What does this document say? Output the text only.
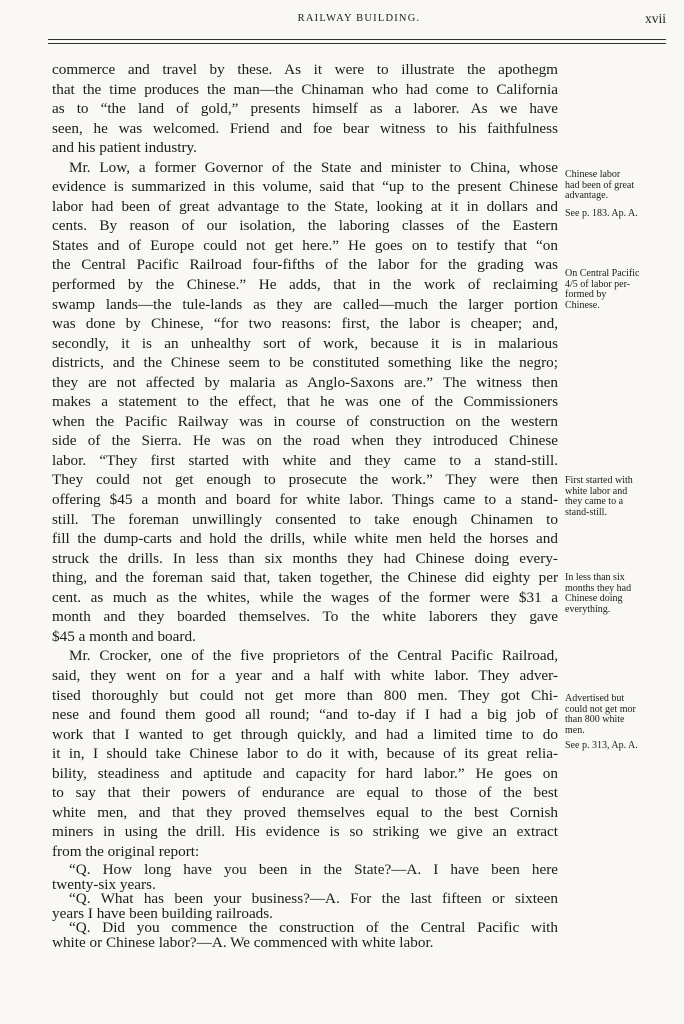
RAILWAY BUILDING.	xvii
commerce and travel by these. As it were to illustrate the apothegm
that the time produces the man—the Chinaman who had come to California
as to “the land of gold,” presents himself as a laborer. As we have
seen, he was welcomed. Friend and foe bear witness to his faithfulness
and his patient industry.
Mr. Low, a former Governor of the State and minister to China, whose
evidence is summarized in this volume, said that “up to the present Chinese
labor had been of great advantage to the State, looking at it in dollars and
cents. By reason of our isolation, the laboring classes of the Eastern
States and of Europe could not get here.” He goes on to testify that “on
the Central Pacific Railroad four-fifths of the labor for the grading was
performed by the Chinese.” He adds, that in the work of reclaiming
swamp lands—the tule-lands as they are called—much the larger portion
was done by Chinese, “for two reasons: first, the labor is cheaper; and,
secondly, it is an unhealthy sort of work, because it is in malarious
districts, and the Chinese seem to be constituted something like the negro;
they are not affected by malaria as Anglo-Saxons are.” The witness then
makes a statement to the effect, that he was one of the Commissioners
when the Pacific Railway was in course of construction on the western
side of the Sierra. He was on the road when they introduced Chinese
labor. “They first started with white and they came to a stand-still.
They could not get enough to prosecute the work.” They were then
offering $45 a month and board for white labor. Things came to a stand-
still. The foreman unwillingly consented to take enough Chinamen to
fill the dump-carts and hold the drills, while white men held the horses and
struck the drills. In less than six months they had Chinese doing every-
thing, and the foreman said that, taken together, the Chinese did eighty per
cent. as much as the whites, while the wages of the former were $31 a
month and they boarded themselves. To the white laborers they gave
$45 a month and board.
Mr. Crocker, one of the five proprietors of the Central Pacific Railroad,
said, they went on for a year and a half with white labor. They adver-
tised thoroughly but could not get more than 800 men. They got Chi-
nese and found them good all round; “and to-day if I had a big job of
work that I wanted to get through quickly, and had a limited time to do
it in, I should take Chinese labor to do it with, because of its great relia-
bility, steadiness and aptitude and capacity for hard labor.” He goes on
to say that their powers of endurance are equal to those of the best
white men, and that they proved themselves equal to the best Cornish
miners in using the drill. His evidence is so striking we give an extract
from the original report:
“Q. How long have you been in the State?—A. I have been here
twenty-six years.
“Q. What has been your business?—A. For the last fifteen or sixteen
years I have been building railroads.
“Q. Did you commence the construction of the Central Pacific with
white or Chinese labor?—A. We commenced with white labor.
Chinese labor
had been of great
advantage.
See p. 183. Ap. A.
On Central Pacific
4/5 of labor per-
formed by
Chinese.
First started with
white labor and
they came to a
stand-still.
In less than six
months they had
Chinese doing
everything.
Advertised but
could not get mor
than 800 white
men.
See p. 313, Ap. A.
